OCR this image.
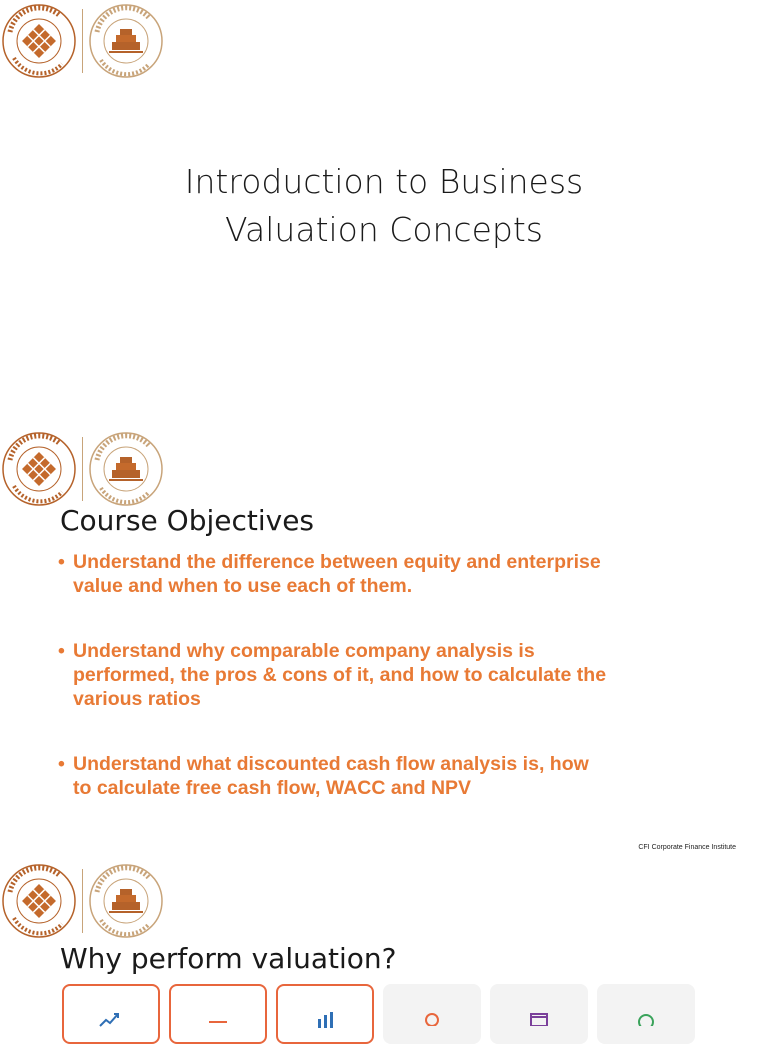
Introduction to Business
Valuation Concepts
Course Objectives
• Understand the difference between equity and enterprise
value and when to use each of them.
• Understand why comparable company analysis is
performed, the pros & cons of it, and how to calculate the
various ratios
• Understand what discounted cash flow analysis is, how
to calculate free cash flow, WACC and NPV
CFI Corporate Finance Institute
Why perform valuation?
